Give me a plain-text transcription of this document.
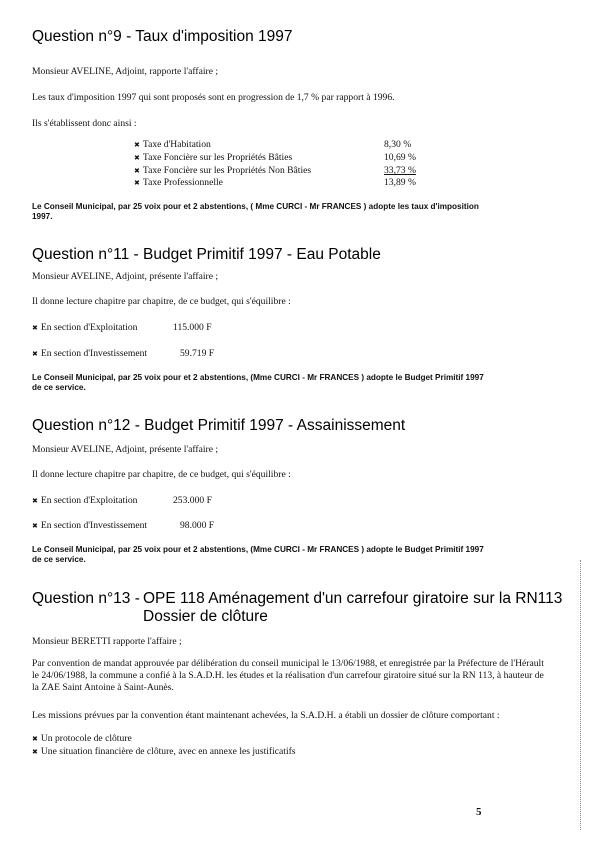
Question n°9 - Taux d'imposition 1997
Monsieur AVELINE, Adjoint, rapporte l'affaire ;
Les taux d'imposition 1997 qui sont proposés sont en progression de 1,7 % par rapport à 1996.
Ils s'établissent donc ainsi :
✖ Taxe d'Habitation	8,30 %
✖ Taxe Foncière sur les Propriétés Bâties	10,69 %
✖ Taxe Foncière sur les Propriétés Non Bâties	33,73 %
✖ Taxe Professionnelle	13,89 %
Le Conseil Municipal, par 25 voix pour et 2 abstentions, ( Mme CURCI - Mr FRANCES ) adopte les taux d'imposition
1997.
Question n°11 - Budget Primitif 1997 - Eau Potable
Monsieur AVELINE, Adjoint, présente l'affaire ;
Il donne lecture chapitre par chapitre, de ce budget, qui s'équilibre :
✖ En section d'Exploitation	115.000 F
✖ En section d'Investissement	59.719 F
Le Conseil Municipal, par 25 voix pour et 2 abstentions, (Mme CURCI - Mr FRANCES ) adopte le Budget Primitif 1997
de ce service.
Question n°12 - Budget Primitif 1997 - Assainissement
Monsieur AVELINE, Adjoint, présente l'affaire ;
Il donne lecture chapitre par chapitre, de ce budget, qui s'équilibre :
✖ En section d'Exploitation	253.000 F
✖ En section d'Investissement	98.000 F
Le Conseil Municipal, par 25 voix pour et 2 abstentions, (Mme CURCI - Mr FRANCES ) adopte le Budget Primitif 1997
de ce service.
Question n°13 - OPE 118 Aménagement d'un carrefour giratoire sur la RN113
Dossier de clôture
Monsieur BERETTI rapporte l'affaire ;
Par convention de mandat approuvée par délibération du conseil municipal le 13/06/1988, et enregistrée par la Préfecture de l'Hérault le 24/06/1988, la commune a confié à la S.A.D.H. les études et la réalisation d'un carrefour giratoire situé sur la RN 113, à hauteur de la ZAE Saint Antoine à Saint-Aunès.
Les missions prévues par la convention étant maintenant achevées, la S.A.D.H. a établi un dossier de clôture comportant :
✖ Un protocole de clôture
✖ Une situation financière de clôture, avec en annexe les justificatifs
5
